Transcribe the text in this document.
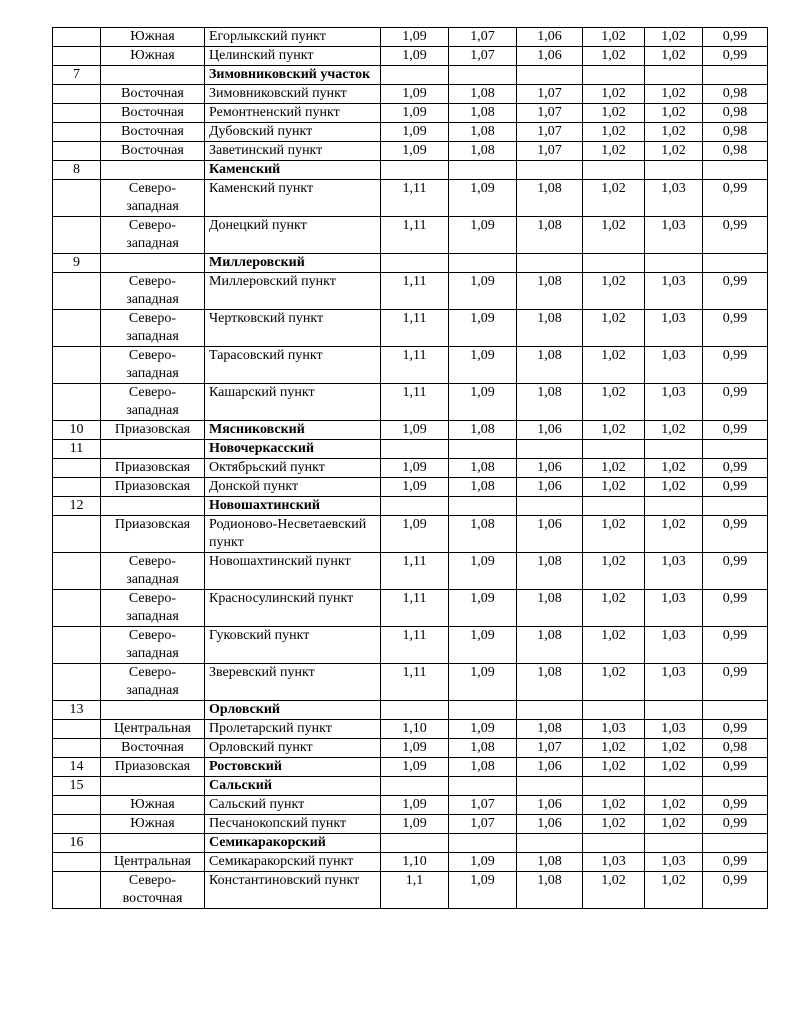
	Южная	Егорлыкский пункт	1,09	1,07	1,06	1,02	1,02	0,99
	Южная	Целинский пункт	1,09	1,07	1,06	1,02	1,02	0,99
7		Зимовниковский участок						
	Восточная	Зимовниковский пункт	1,09	1,08	1,07	1,02	1,02	0,98
	Восточная	Ремонтненский пункт	1,09	1,08	1,07	1,02	1,02	0,98
	Восточная	Дубовский пункт	1,09	1,08	1,07	1,02	1,02	0,98
	Восточная	Заветинский пункт	1,09	1,08	1,07	1,02	1,02	0,98
8		Каменский						
	Северо-западная	Каменский пункт	1,11	1,09	1,08	1,02	1,03	0,99
	Северо-западная	Донецкий пункт	1,11	1,09	1,08	1,02	1,03	0,99
9		Миллеровский						
	Северо-западная	Миллеровский пункт	1,11	1,09	1,08	1,02	1,03	0,99
	Северо-западная	Чертковский пункт	1,11	1,09	1,08	1,02	1,03	0,99
	Северо-западная	Тарасовский пункт	1,11	1,09	1,08	1,02	1,03	0,99
	Северо-западная	Кашарский пункт	1,11	1,09	1,08	1,02	1,03	0,99
10	Приазовская	Мясниковский	1,09	1,08	1,06	1,02	1,02	0,99
11		Новочеркасский						
	Приазовская	Октябрьский пункт	1,09	1,08	1,06	1,02	1,02	0,99
	Приазовская	Донской пункт	1,09	1,08	1,06	1,02	1,02	0,99
12		Новошахтинский						
	Приазовская	Родионово-Несветаевский пункт	1,09	1,08	1,06	1,02	1,02	0,99
	Северо-западная	Новошахтинский пункт	1,11	1,09	1,08	1,02	1,03	0,99
	Северо-западная	Красносулинский пункт	1,11	1,09	1,08	1,02	1,03	0,99
	Северо-западная	Гуковский пункт	1,11	1,09	1,08	1,02	1,03	0,99
	Северо-западная	Зверевский пункт	1,11	1,09	1,08	1,02	1,03	0,99
13		Орловский						
	Центральная	Пролетарский пункт	1,10	1,09	1,08	1,03	1,03	0,99
	Восточная	Орловский пункт	1,09	1,08	1,07	1,02	1,02	0,98
14	Приазовская	Ростовский	1,09	1,08	1,06	1,02	1,02	0,99
15		Сальский						
	Южная	Сальский пункт	1,09	1,07	1,06	1,02	1,02	0,99
	Южная	Песчанокопский пункт	1,09	1,07	1,06	1,02	1,02	0,99
16		Семикаракорский						
	Центральная	Семикаракорский пункт	1,10	1,09	1,08	1,03	1,03	0,99
	Северо-восточная	Константиновский пункт	1,1	1,09	1,08	1,02	1,02	0,99
